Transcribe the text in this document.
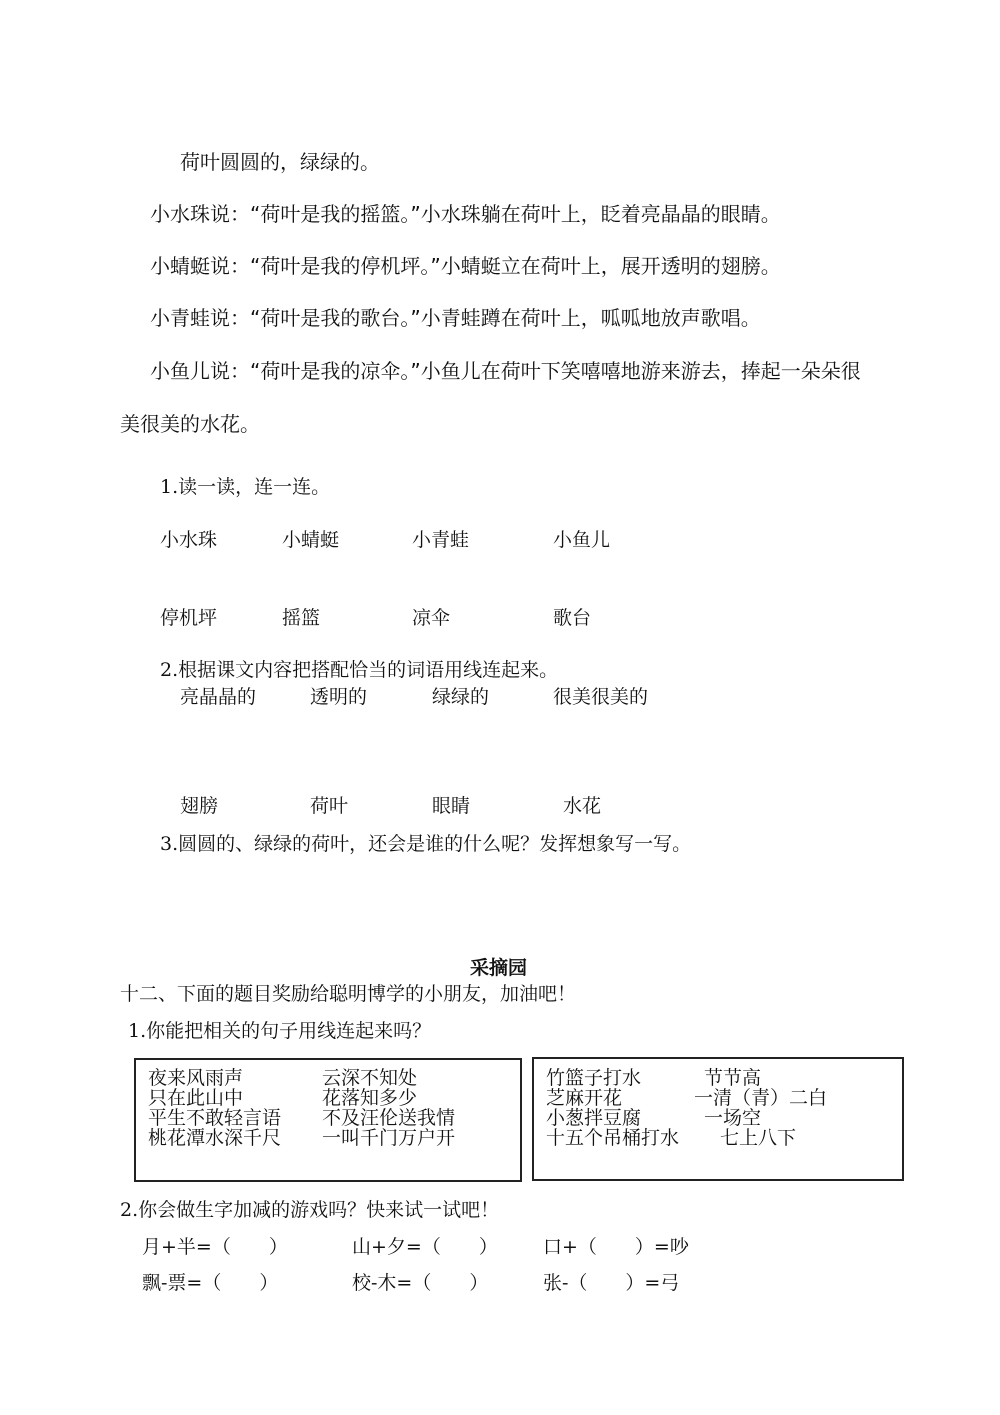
荷叶圆圆的，绿绿的。
小水珠说：“荷叶是我的摇篮。”小水珠躺在荷叶上，眨着亮晶晶的眼睛。
小蜻蜓说：“荷叶是我的停机坪。”小蜻蜓立在荷叶上，展开透明的翅膀。
小青蛙说：“荷叶是我的歌台。”小青蛙蹲在荷叶上，呱呱地放声歌唱。
小鱼儿说：“荷叶是我的凉伞。”小鱼儿在荷叶下笑嘻嘻地游来游去，捧起一朵朵很
美很美的水花。
1.读一读，连一连。
小水珠	小蜻蜓	小青蛙	小鱼儿
停机坪	摇篮	凉伞	歌台
2.根据课文内容把搭配恰当的词语用线连起来。
亮晶晶的	透明的	绿绿的	很美很美的
翅膀	荷叶	眼睛	水花
3.圆圆的、绿绿的荷叶，还会是谁的什么呢？发挥想象写一写。
采摘园
十二、下面的题目奖励给聪明博学的小朋友，加油吧！
1.你能把相关的句子用线连起来吗？
夜来风雨声	云深不知处
只在此山中	花落知多少
平生不敢轻言语 不及汪伦送我情
桃花潭水深千尺 一叫千门万户开
竹篮子打水	节节高
芝麻开花	一清（青）二白
小葱拌豆腐	一场空
十五个吊桶打水 七上八下
2.你会做生字加减的游戏吗？快来试一试吧！
月+半=（　　）	山+夕=（　　） 口+（　　）=吵
飘-票=（　　）	校-木=（　　）	张-（　　）=弓
